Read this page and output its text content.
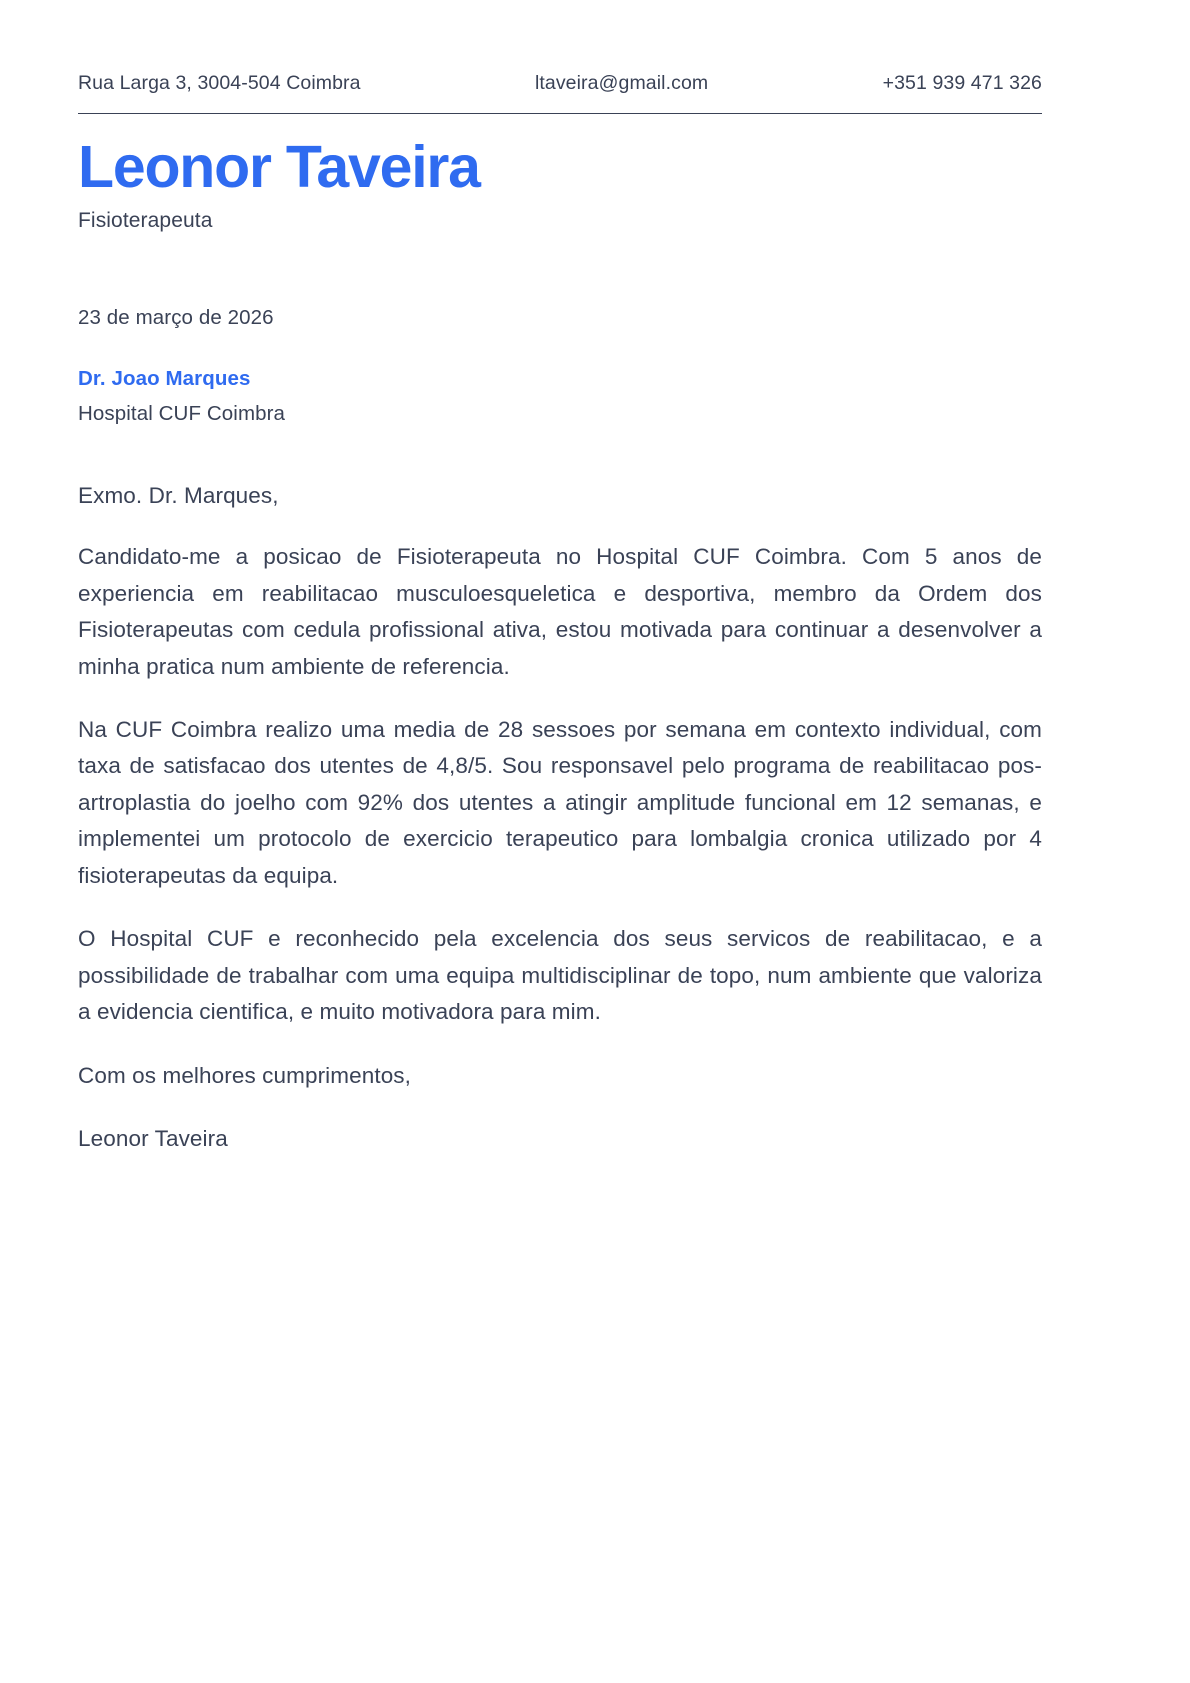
Rua Larga 3, 3004-504 Coimbra	ltaveira@gmail.com	+351 939 471 326
Leonor Taveira
Fisioterapeuta
23 de março de 2026
Dr. Joao Marques
Hospital CUF Coimbra

Exmo. Dr. Marques,

Candidato-me a posicao de Fisioterapeuta no Hospital CUF Coimbra. Com 5 anos de experiencia em reabilitacao musculoesqueletica e desportiva, membro da Ordem dos Fisioterapeutas com cedula profissional ativa, estou motivada para continuar a desenvolver a minha pratica num ambiente de referencia.

Na CUF Coimbra realizo uma media de 28 sessoes por semana em contexto individual, com taxa de satisfacao dos utentes de 4,8/5. Sou responsavel pelo programa de reabilitacao pos-artroplastia do joelho com 92% dos utentes a atingir amplitude funcional em 12 semanas, e implementei um protocolo de exercicio terapeutico para lombalgia cronica utilizado por 4 fisioterapeutas da equipa.

O Hospital CUF e reconhecido pela excelencia dos seus servicos de reabilitacao, e a possibilidade de trabalhar com uma equipa multidisciplinar de topo, num ambiente que valoriza a evidencia cientifica, e muito motivadora para mim.

Com os melhores cumprimentos,

Leonor Taveira
